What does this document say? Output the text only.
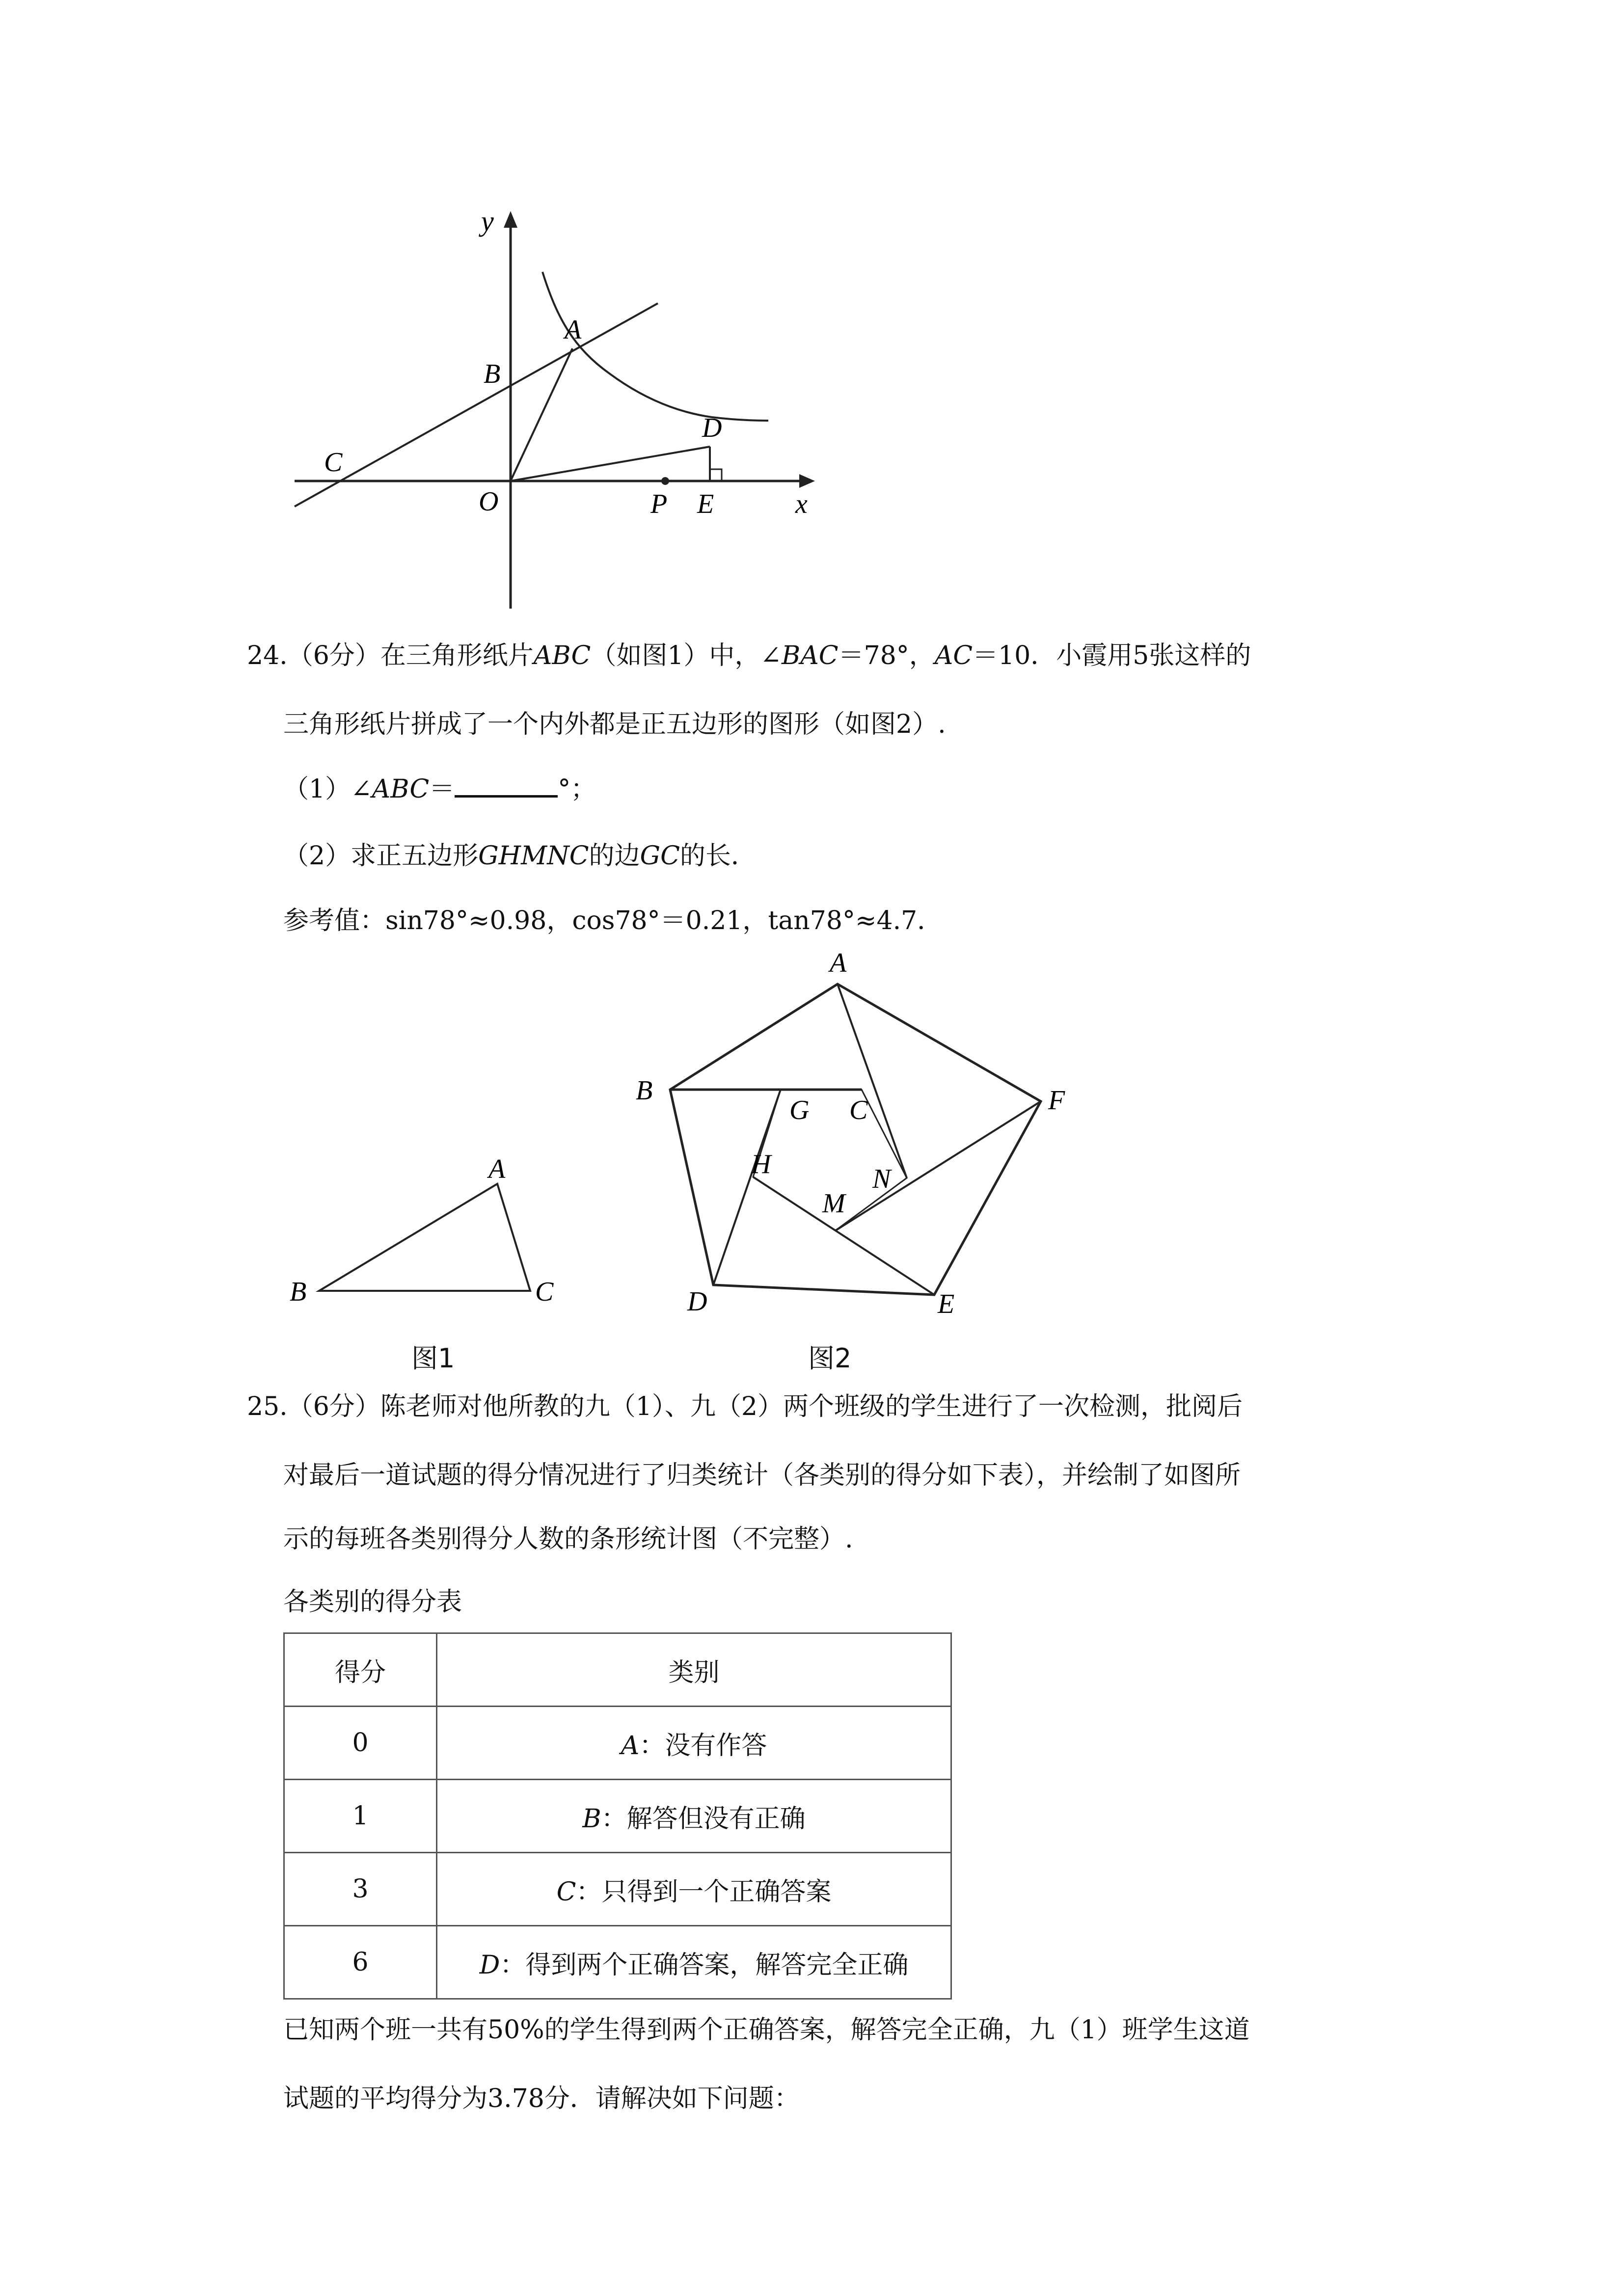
y
A
B
D
C
O	P E	x
24.（6分）在三角形纸片ABC（如图1）中，∠BAC＝78°，AC＝10．小霞用5张这样的
三角形纸片拼成了一个内外都是正五边形的图形（如图2）.
（1）∠ABC＝	°；
（2）求正五边形GHMNC的边GC的长．
参考值：sin78°≈0.98，cos78°＝0.21，tan78°≈4.7．
A
B	C
A
B
G C	F
H	N
M
D	E
图1	图2
25.（6分）陈老师对他所教的九（1）、九（2）两个班级的学生进行了一次检测，批阅后
对最后一道试题的得分情况进行了归类统计（各类别的得分如下表），并绘制了如图所
示的每班各类别得分人数的条形统计图（不完整）.
各类别的得分表
得分	类别
0	A：没有作答
1	B：解答但没有正确
3	C：只得到一个正确答案
6	D：得到两个正确答案，解答完全正确
已知两个班一共有50%的学生得到两个正确答案，解答完全正确，九（1）班学生这道
试题的平均得分为3.78分．请解决如下问题：
